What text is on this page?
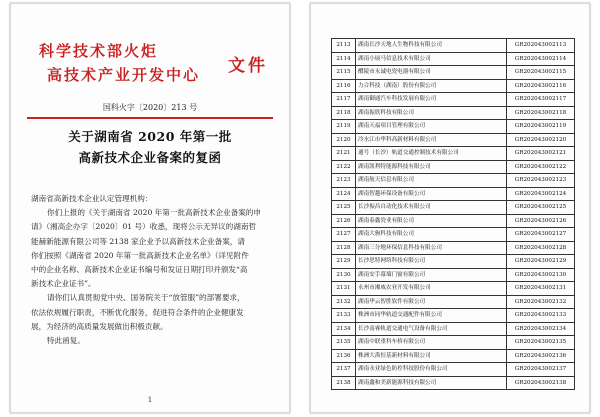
科学技术部火炬
高技术产业开发中心 文件
国科火字〔2020〕213 号
关于湖南省 2020 年第一批
高新技术企业备案的复函

湖南省高新技术企业认定管理机构：

你们上报的《关于湖南省 2020 年第一批高新技术企业备案的申

请》（湘高企办字〔2020〕01 号）收悉，现将公示无异议的湖南哲

能赫新能源有限公司等 2138 家企业予以高新技术企业备案，请

你们按照《湖南省 2020 年第一批高新技术企业名单》（详见附件

中的企业名称、高新技术企业证书编号和发证日期打印并颁发“高

新技术企业证书”。

请你们认真贯彻党中央、国务院关于“放管服”的部署要求，

依法依规履行职责，不断优化服务，促进符合条件的企业健康发

展，为经济的高质量发展做出积极贡献。

特此函复。

1
2113	湖南长沙天地人生物科技有限公司	GR202043002113
2114	湖南小展马信息技术有限公司	GR202043002114
2115	醴陵市永诚电瓷电器有限公司	GR202043002115
2116	力合科技（湖南）股份有限公司	GR202043002116
2117	湖南御通汽车科技发展有限公司	GR202043002117
2118	湖南振欣科技有限公司	GR202043002118
2119	湖南天福项目管理有限公司	GR202043002119
2120	冷水江市华科高新材料有限公司	GR202043002120
2121	通号（长沙）轨道交通控制技术有限公司	GR202043002121
2122	湖南凯利特能源科技有限公司	GR202043002122
2123	湖南航天信息有限公司	GR202043002123
2124	湖南智越环保设备有限公司	GR202043002124
2125	长沙振昌自动化技术有限公司	GR202043002125
2126	湖南泰鑫瓷业有限公司	GR202043002126
2127	湖南大驹科技有限公司	GR202043002127
2128	湖南三分地环保信息科技有限公司	GR202043002128
2129	长沙思特网络科技有限公司	GR202043002129
2130	湖南安手幕墙门窗有限公司	GR202043002130
2131	永州市湘威农业开发有限公司	GR202043002131
2132	湖南华云智胜软件有限公司	GR202043002132
2133	株洲市同华轨道交通配件有限公司	GR202043002133
2134	长沙南睿轨道交通电气设备有限公司	GR202043002134
2135	湖南中联重科车桥有限公司	GR202043002135
2136	株洲大禹恒基新材料有限公司	GR202043002136
2137	湖南永业绿色防控科技股份有限公司	GR202043002137
2138	湖南鑫和美新能源科技有限公司	GR202043002138
